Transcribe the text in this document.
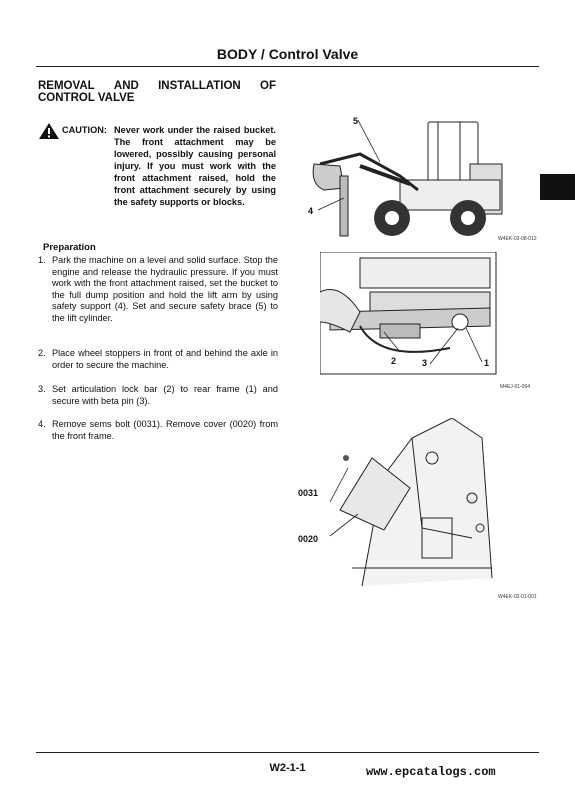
BODY / Control Valve
REMOVAL AND INSTALLATION OF
CONTROL VALVE
CAUTION: Never work under the raised bucket. The front attachment may be lowered, possibly causing personal injury. If you must work with the front attachment raised, hold the front attachment securely by using the safety supports or blocks.
Preparation
1. Park the machine on a level and solid surface. Stop the engine and release the hydraulic pressure. If you must work with the front attachment raised, set the bucket to the full dump position and hold the lift arm by using safety support (4). Set and secure safety brace (5) to the lift cylinder.
2. Place wheel stoppers in front of and behind the axle in order to secure the machine.
3. Set articulation lock bar (2) to rear frame (1) and secure with beta pin (3).
4. Remove sems bolt (0031). Remove cover (0020) from the front frame.
5
4
W4EK-02-08-012
2	3	1
M4EJ-01-064
0031
0020
W4EK-02-01-001
W2-1-1	www.epcatalogs.com
